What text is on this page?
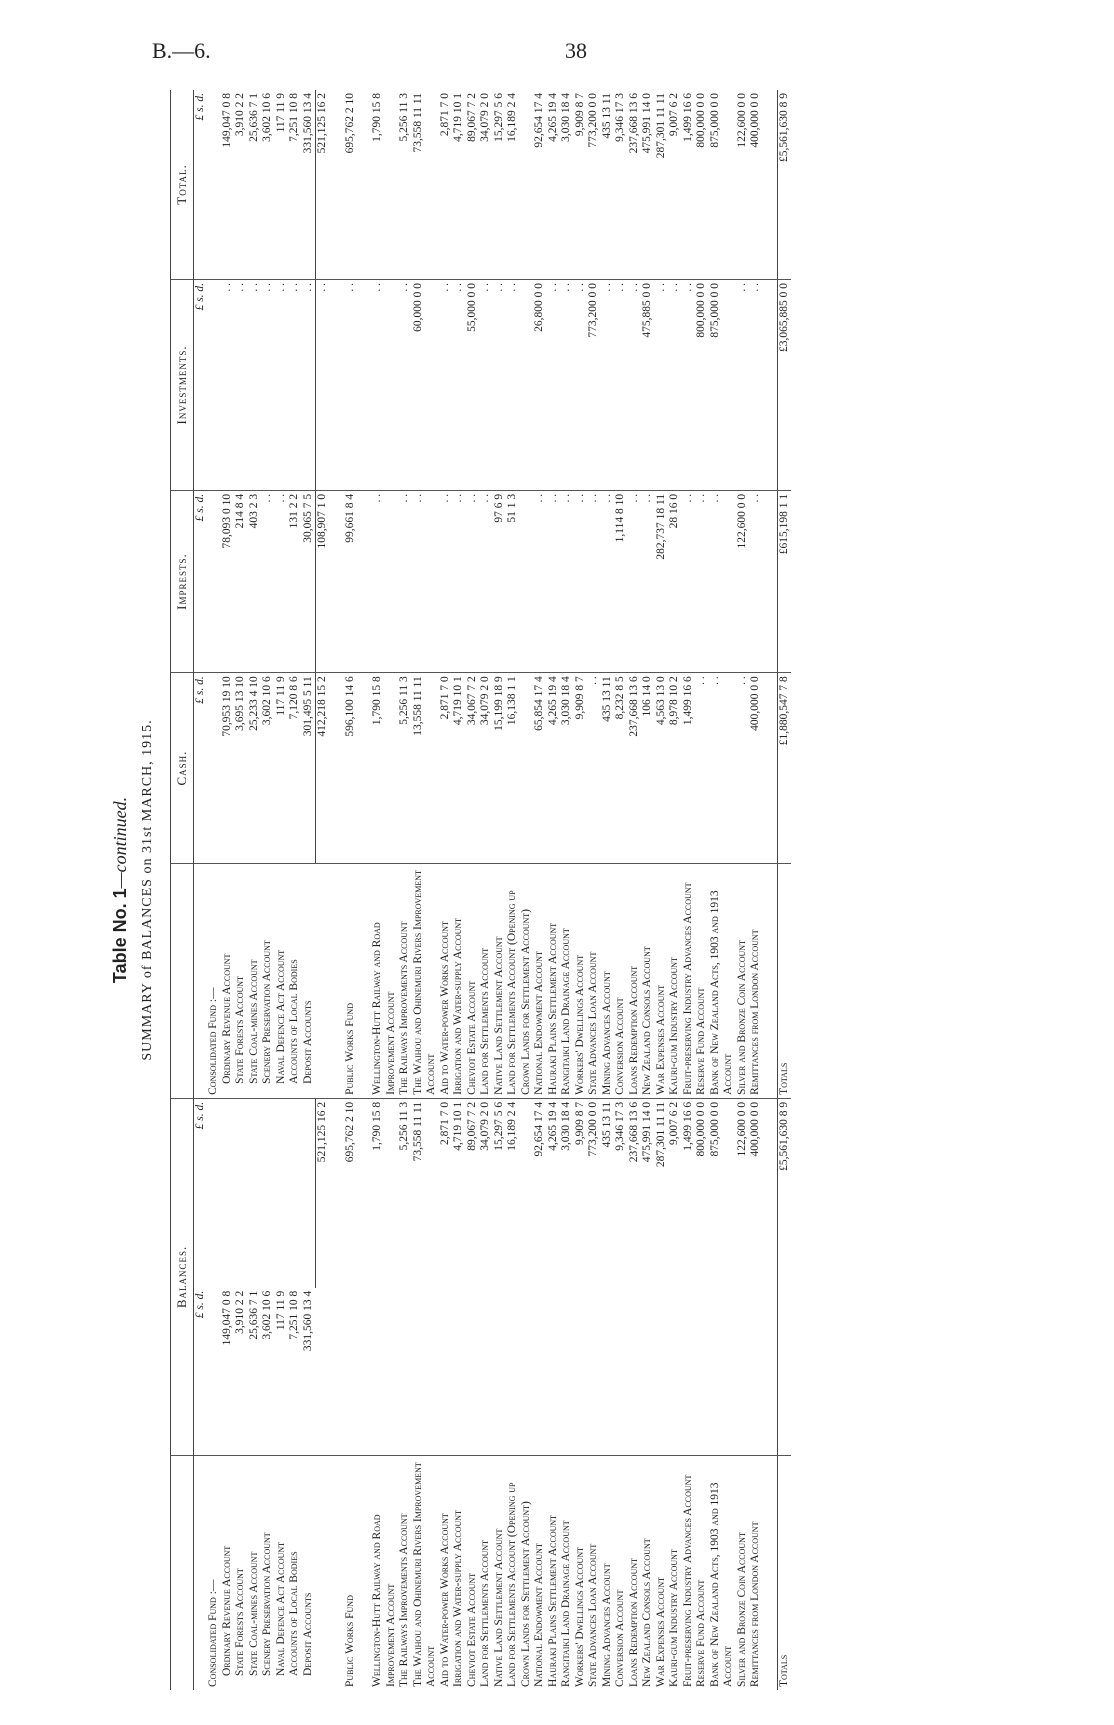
B.—6.	38
Table No. 1—continued. SUMMARY of BALANCES on 31st MARCH, 1915.
	Balances.			Cash.	Imprests.	Investments.	Total.
	£ s. d.	£ s. d.		£ s. d.	£ s. d.	£ s. d.	£ s. d.
Consolidated Fund :—			Consolidated Fund :—				
Ordinary Revenue Account	149,047 0 8		Ordinary Revenue Account	70,953 19 10	78,093 0 10	. .	149,047 0 8
State Forests Account	3,910 2 2		State Forests Account	3,695 13 10	214 8 4	. .	3,910 2 2
State Coal-mines Account	25,636 7 1		State Coal-mines Account	25,233 4 10	403 2 3	. .	25,636 7 1
Scenery Preservation Account	3,602 10 6		Scenery Preservation Account	3,602 10 6	. .	. .	3,602 10 6
Naval Defence Act Account	117 11 9		Naval Defence Act Account	117 11 9	. .	. .	117 11 9
Accounts of Local Bodies	7,251 10 8		Accounts of Local Bodies	7,120 8 6	131 2 2	. .	7,251 10 8
Deposit Accounts	331,560 13 4		Deposit Accounts	301,495 5 11	30,065 7 5	. .	331,560 13 4
		521,125 16 2		412,218 15 2	108,907 1 0	. .	521,125 16 2

Public Works Fund		695,762 2 10	Public Works Fund	596,100 14 6	99,661 8 4	. .	695,762 2 10

Wellington-Hutt Railway and Road Improvement Account		1,790 15 8	Wellington-Hutt Railway and Road Improvement Account	1,790 15 8	. .	. .	1,790 15 8
The Railways Improvements Account		5,256 11 3	The Railways Improvements Account	5,256 11 3	. .	. .	5,256 11 3
The Waihou and Ohinemuri Rivers Improvement Account		73,558 11 11	The Waihou and Ohinemuri Rivers Improvement Account	13,558 11 11	. .	60,000 0 0	73,558 11 11
Aid to Water-power Works Account		2,871 7 0	Aid to Water-power Works Account	2,871 7 0	. .	. .	2,871 7 0
Irrigation and Water-supply Account		4,719 10 1	Irrigation and Water-supply Account	4,719 10 1	. .	. .	4,719 10 1
Cheviot Estate Account		89,067 7 2	Cheviot Estate Account	34,067 7 2	. .	55,000 0 0	89,067 7 2
Land for Settlements Account		34,079 2 0	Land for Settlements Account	34,079 2 0	. .	. .	34,079 2 0
Native Land Settlement Account		15,297 5 6	Native Land Settlement Account	15,199 18 9	97 6 9	. .	15,297 5 6
Land for Settlements Account (Opening up Crown Lands for Settlement Account)		16,189 2 4	Land for Settlements Account (Opening up Crown Lands for Settlement Account)	16,138 1 1	51 1 3	. .	16,189 2 4
National Endowment Account		92,654 17 4	National Endowment Account	65,854 17 4	. .	26,800 0 0	92,654 17 4
Hauraki Plains Settlement Account		4,265 19 4	Hauraki Plains Settlement Account	4,265 19 4	. .	. .	4,265 19 4
Rangitaiki Land Drainage Account		3,030 18 4	Rangitaiki Land Drainage Account	3,030 18 4	. .	. .	3,030 18 4
Workers' Dwellings Account		9,909 8 7	Workers' Dwellings Account	9,909 8 7	. .	. .	9,909 8 7
State Advances Loan Account		773,200 0 0	State Advances Loan Account	. .	. .	773,200 0 0	773,200 0 0
Mining Advances Account		435 13 11	Mining Advances Account	435 13 11	. .	. .	435 13 11
Conversion Account		9,346 17 3	Conversion Account	8,232 8 5	1,114 8 10	. .	9,346 17 3
Loans Redemption Account		237,668 13 6	Loans Redemption Account	237,668 13 6	. .	. .	237,668 13 6
New Zealand Consols Account		475,991 14 0	New Zealand Consols Account	106 14 0	. .	475,885 0 0	475,991 14 0
War Expenses Account		287,301 11 11	War Expenses Account	4,563 13 0	282,737 18 11	. .	287,301 11 11
Kauri-gum Industry Account		9,007 6 2	Kauri-gum Industry Account	8,978 10 2	28 16 0	. .	9,007 6 2
Fruit-preserving Industry Advances Account		1,499 16 6	Fruit-preserving Industry Advances Account	1,499 16 6	. .	. .	1,499 16 6
Reserve Fund Account		800,000 0 0	Reserve Fund Account	. .	. .	800,000 0 0	800,000 0 0
Bank of New Zealand Acts, 1903 and 1913 Account		875,000 0 0	Bank of New Zealand Acts, 1903 and 1913 Account	. .	. .	875,000 0 0	875,000 0 0
Silver and Bronze Coin Account		122,600 0 0	Silver and Bronze Coin Account	. .	122,600 0 0	. .	122,600 0 0
Remittances from London Account		400,000 0 0	Remittances from London Account	400,000 0 0	. .	. .	400,000 0 0

Totals		£5,561,630 8 9	Totals	£1,880,547 7 8	£615,198 1 1	£3,065,885 0 0	£5,561,630 8 9
